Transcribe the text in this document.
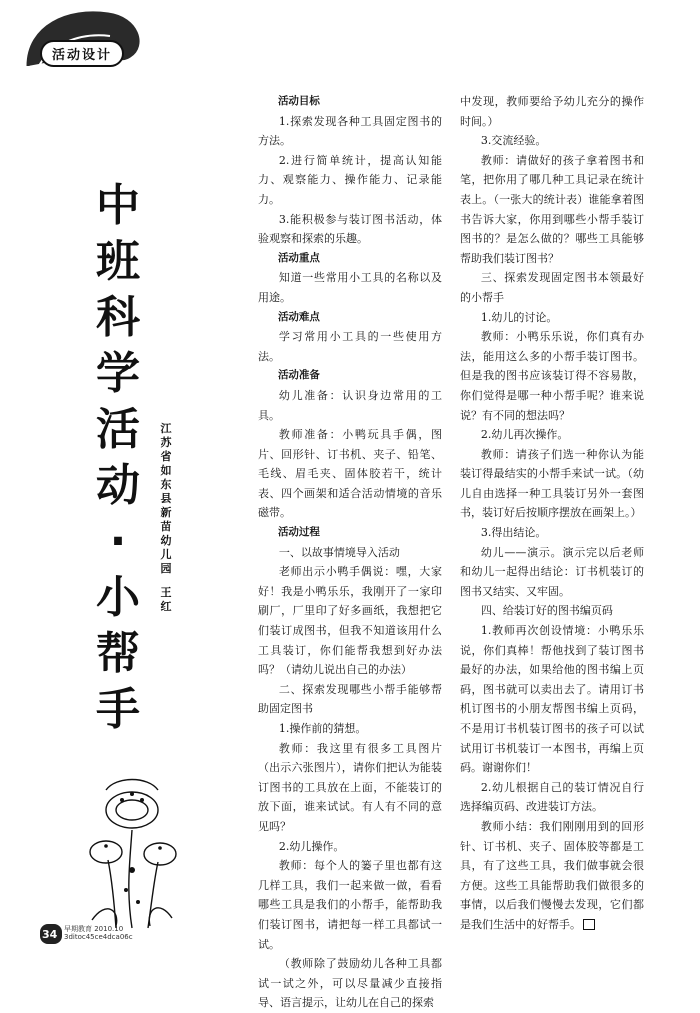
活动设计
中
班
科
学
活
动
·
小
帮
手
江
苏
省
如
东
县
新
苗
幼
儿
园
王
红

活动目标

1.探索发现各种工具固定图书的方法。

2.进行简单统计，提高认知能力、观察能力、操作能力、记录能力。

3.能积极参与装订图书活动，体验观察和探索的乐趣。

活动重点

知道一些常用小工具的名称以及用途。

活动难点

学习常用小工具的一些使用方法。

活动准备

幼儿准备：认识身边常用的工具。

教师准备：小鸭玩具手偶，图片、回形针、订书机、夹子、铅笔、毛线、眉毛夹、固体胶若干，统计表、四个画架和适合活动情境的音乐磁带。

活动过程

一、以故事情境导入活动

老师出示小鸭手偶说：嘿，大家好！我是小鸭乐乐，我刚开了一家印刷厂，厂里印了好多画纸，我想把它们装订成图书，但我不知道该用什么工具装订，你们能帮我想到好办法吗？（请幼儿说出自己的办法）

二、探索发现哪些小帮手能够帮助固定图书

1.操作前的猜想。

教师：我这里有很多工具图片（出示六张图片），请你们把认为能装订图书的工具放在上面，不能装订的放下面，谁来试试。有人有不同的意见吗？

2.幼儿操作。

教师：每个人的篓子里也都有这几样工具，我们一起来做一做，看看哪些工具是我们的小帮手，能帮助我们装订图书，请把每一样工具都试一试。

（教师除了鼓励幼儿各种工具都试一试之外，可以尽量减少直接指导、语言提示，让幼儿在自己的探索

中发现，教师要给予幼儿充分的操作时间。）

3.交流经验。

教师：请做好的孩子拿着图书和笔，把你用了哪几种工具记录在统计表上。（一张大的统计表）谁能拿着图书告诉大家，你用到哪些小帮手装订图书的？是怎么做的？哪些工具能够帮助我们装订图书？

三、探索发现固定图书本领最好的小帮手

1.幼儿的讨论。

教师：小鸭乐乐说，你们真有办法，能用这么多的小帮手装订图书。但是我的图书应该装订得不容易散，你们觉得是哪一种小帮手呢？谁来说说？有不同的想法吗？

2.幼儿再次操作。

教师：请孩子们选一种你认为能装订得最结实的小帮手来试一试。（幼儿自由选择一种工具装订另外一套图书，装订好后按顺序摆放在画架上。）

3.得出结论。

幼儿——演示。演示完以后老师和幼儿一起得出结论：订书机装订的图书又结实、又牢固。

四、给装订好的图书编页码

1.教师再次创设情境：小鸭乐乐说，你们真棒！帮他找到了装订图书最好的办法，如果给他的图书编上页码，图书就可以卖出去了。请用订书机订图书的小朋友帮图书编上页码，不是用订书机装订图书的孩子可以试试用订书机装订一本图书，再编上页码。谢谢你们！

2.幼儿根据自己的装订情况自行选择编页码、改进装订方法。

教师小结：我们刚刚用到的回形针、订书机、夹子、固体胶等都是工具，有了这些工具，我们做事就会很方便。这些工具能帮助我们做很多的事情，以后我们慢慢去发现，它们都是我们生活中的好帮手。

34 早期教育 2010.10
3ditoc45ce4dca06c
